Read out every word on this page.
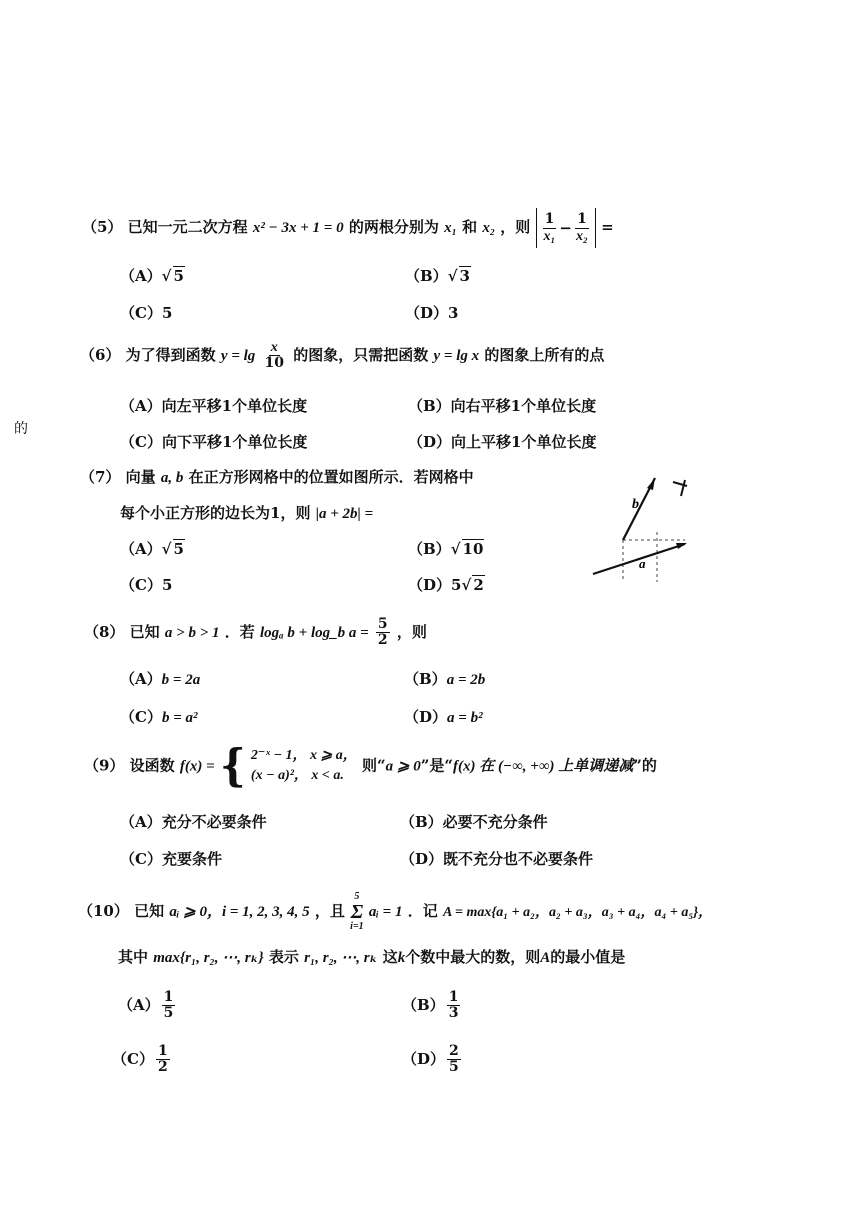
的
（5） 已知一元二次方程 x² − 3x + 1 = 0 的两根分别为 x₁ 和 x₂ ，则 $\frac{1}{\text{x₁}} - \frac{1}{\text{x₂}}$ =
（A）√ 5	（B）√ 3
（C）5	（D）3
（6） 为了得到函数 $y = \lg \frac{x}{10}$ 的图象，只需把函数 y = lg x 的图象上所有的点
（A）向左平移1个单位长度	（B）向右平移1个单位长度
（C）向下平移1个单位长度	（D）向上平移1个单位长度
（7） 向量 a, b 在正方形网格中的位置如图所示．若网格中
每个小正方形的边长为1，则 |a + 2b| =
（A）√ 5	（B）√ 10
（C）5	（D）5√ 2
b
a
（8） 已知 a > b > 1 ．若 logₐ b + log_b $a = \frac{5}{2}$ ，则
（A）b = 2a	（B）a = 2b
（C）b = a²	（D）a = b²
（9） 设函数 f(x) = { 2⁻ˣ − 1， x ⩾ a，
(x − a)²， x < a.
则“a ⩾ 0”是“f(x) 在 (−∞, +∞) 上单调递减”的
（A）充分不必要条件	（B）必要不充分条件
（C）充要条件	（D）既不充分也不必要条件
（10） 已知 aᵢ ⩾ 0，i = 1, 2, 3, 4, 5 ，且
5
Σ
i=1
aᵢ = 1 ．记 A = max{a₁ + a₂，a₂ + a₃，a₃ + a₄，a₄ + a₅}，
其中 max{r₁, r₂, ⋯, rₖ} 表示 r₁, r₂, ⋯, rₖ 这k个数中最大的数，则A的最小值是
$(A) \frac{1}{5}$	$(B) \frac{1}{3}$
$(C) \frac{1}{2}$	$(D) \frac{2}{5}$
